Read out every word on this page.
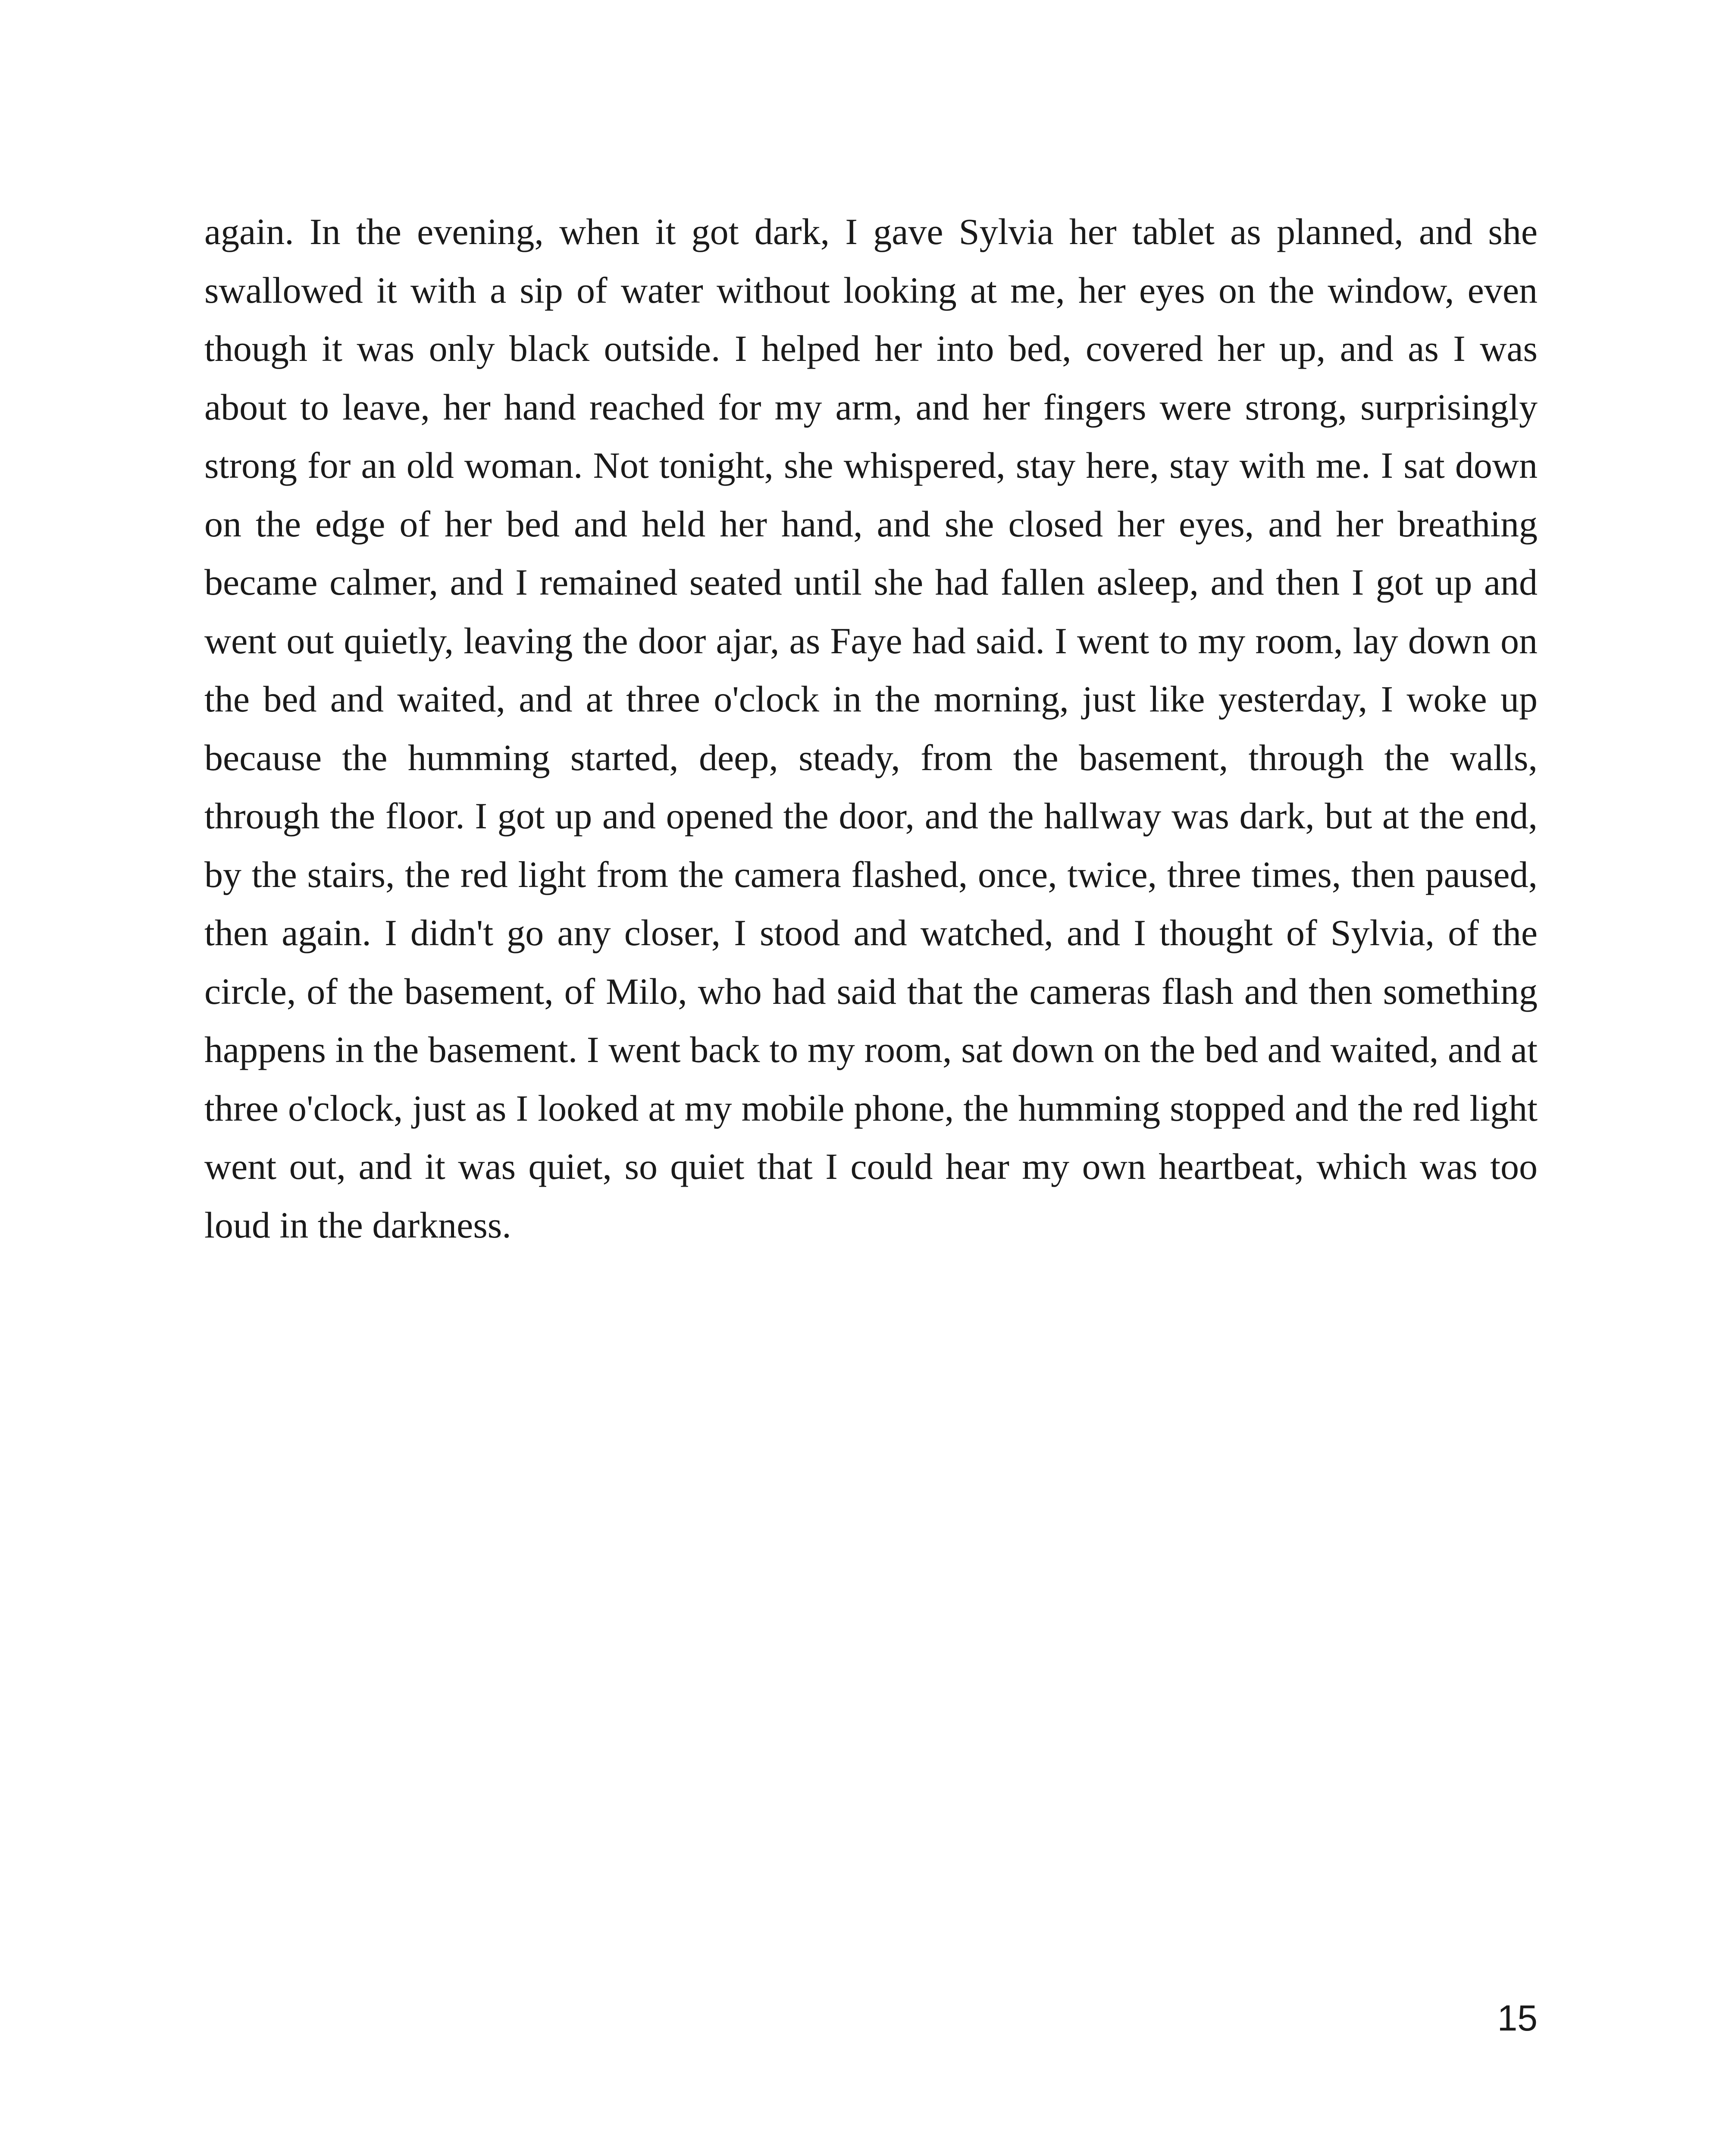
again. In the evening, when it got dark, I gave Sylvia her tablet as planned, and she swallowed it with a sip of water without looking at me, her eyes on the window, even though it was only black outside. I helped her into bed, covered her up, and as I was about to leave, her hand reached for my arm, and her fingers were strong, surprisingly strong for an old woman. Not tonight, she whispered, stay here, stay with me. I sat down on the edge of her bed and held her hand, and she closed her eyes, and her breathing became calmer, and I remained seated until she had fallen asleep, and then I got up and went out quietly, leaving the door ajar, as Faye had said. I went to my room, lay down on the bed and waited, and at three o'clock in the morning, just like yesterday, I woke up because the humming started, deep, steady, from the basement, through the walls, through the floor. I got up and opened the door, and the hallway was dark, but at the end, by the stairs, the red light from the camera flashed, once, twice, three times, then paused, then again. I didn't go any closer, I stood and watched, and I thought of Sylvia, of the circle, of the basement, of Milo, who had said that the cameras flash and then something happens in the basement. I went back to my room, sat down on the bed and waited, and at three o'clock, just as I looked at my mobile phone, the humming stopped and the red light went out, and it was quiet, so quiet that I could hear my own heartbeat, which was too loud in the darkness.

15
